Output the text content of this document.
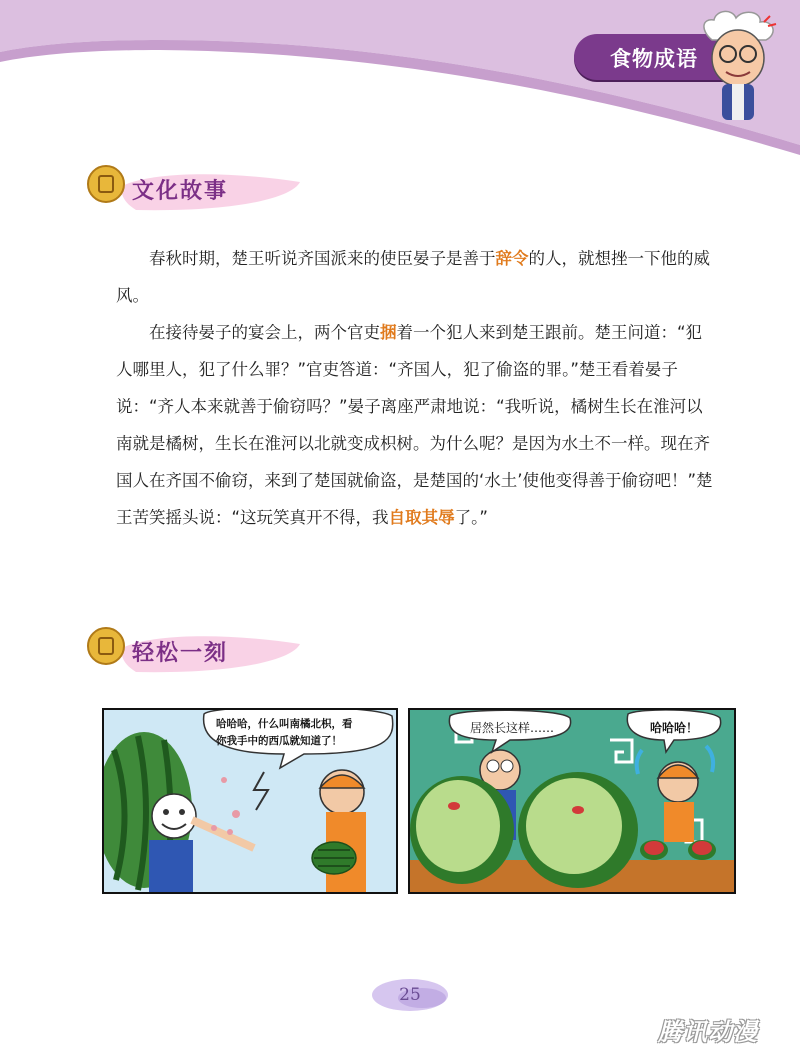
食物成语
文化故事

春秋时期，楚王听说齐国派来的使臣晏子是善于辞令的人，就想挫一下他的威风。

在接待晏子的宴会上，两个官吏捆着一个犯人来到楚王跟前。楚王问道：“犯人哪里人，犯了什么罪？”官吏答道：“齐国人，犯了偷盗的罪。”楚王看着晏子说：“齐人本来就善于偷窃吗？”晏子离座严肃地说：“我听说，橘树生长在淮河以南就是橘树，生长在淮河以北就变成枳树。为什么呢？是因为水土不一样。现在齐国人在齐国不偷窃，来到了楚国就偷盗，是楚国的‘水土’使他变得善于偷窃吧！”楚王苦笑摇头说：“这玩笑真开不得，我自取其辱了。”

轻松一刻
哈哈哈，什么叫南橘北枳，看
你我手中的西瓜就知道了！
居然长这样……	哈哈哈！
25
腾讯动漫
